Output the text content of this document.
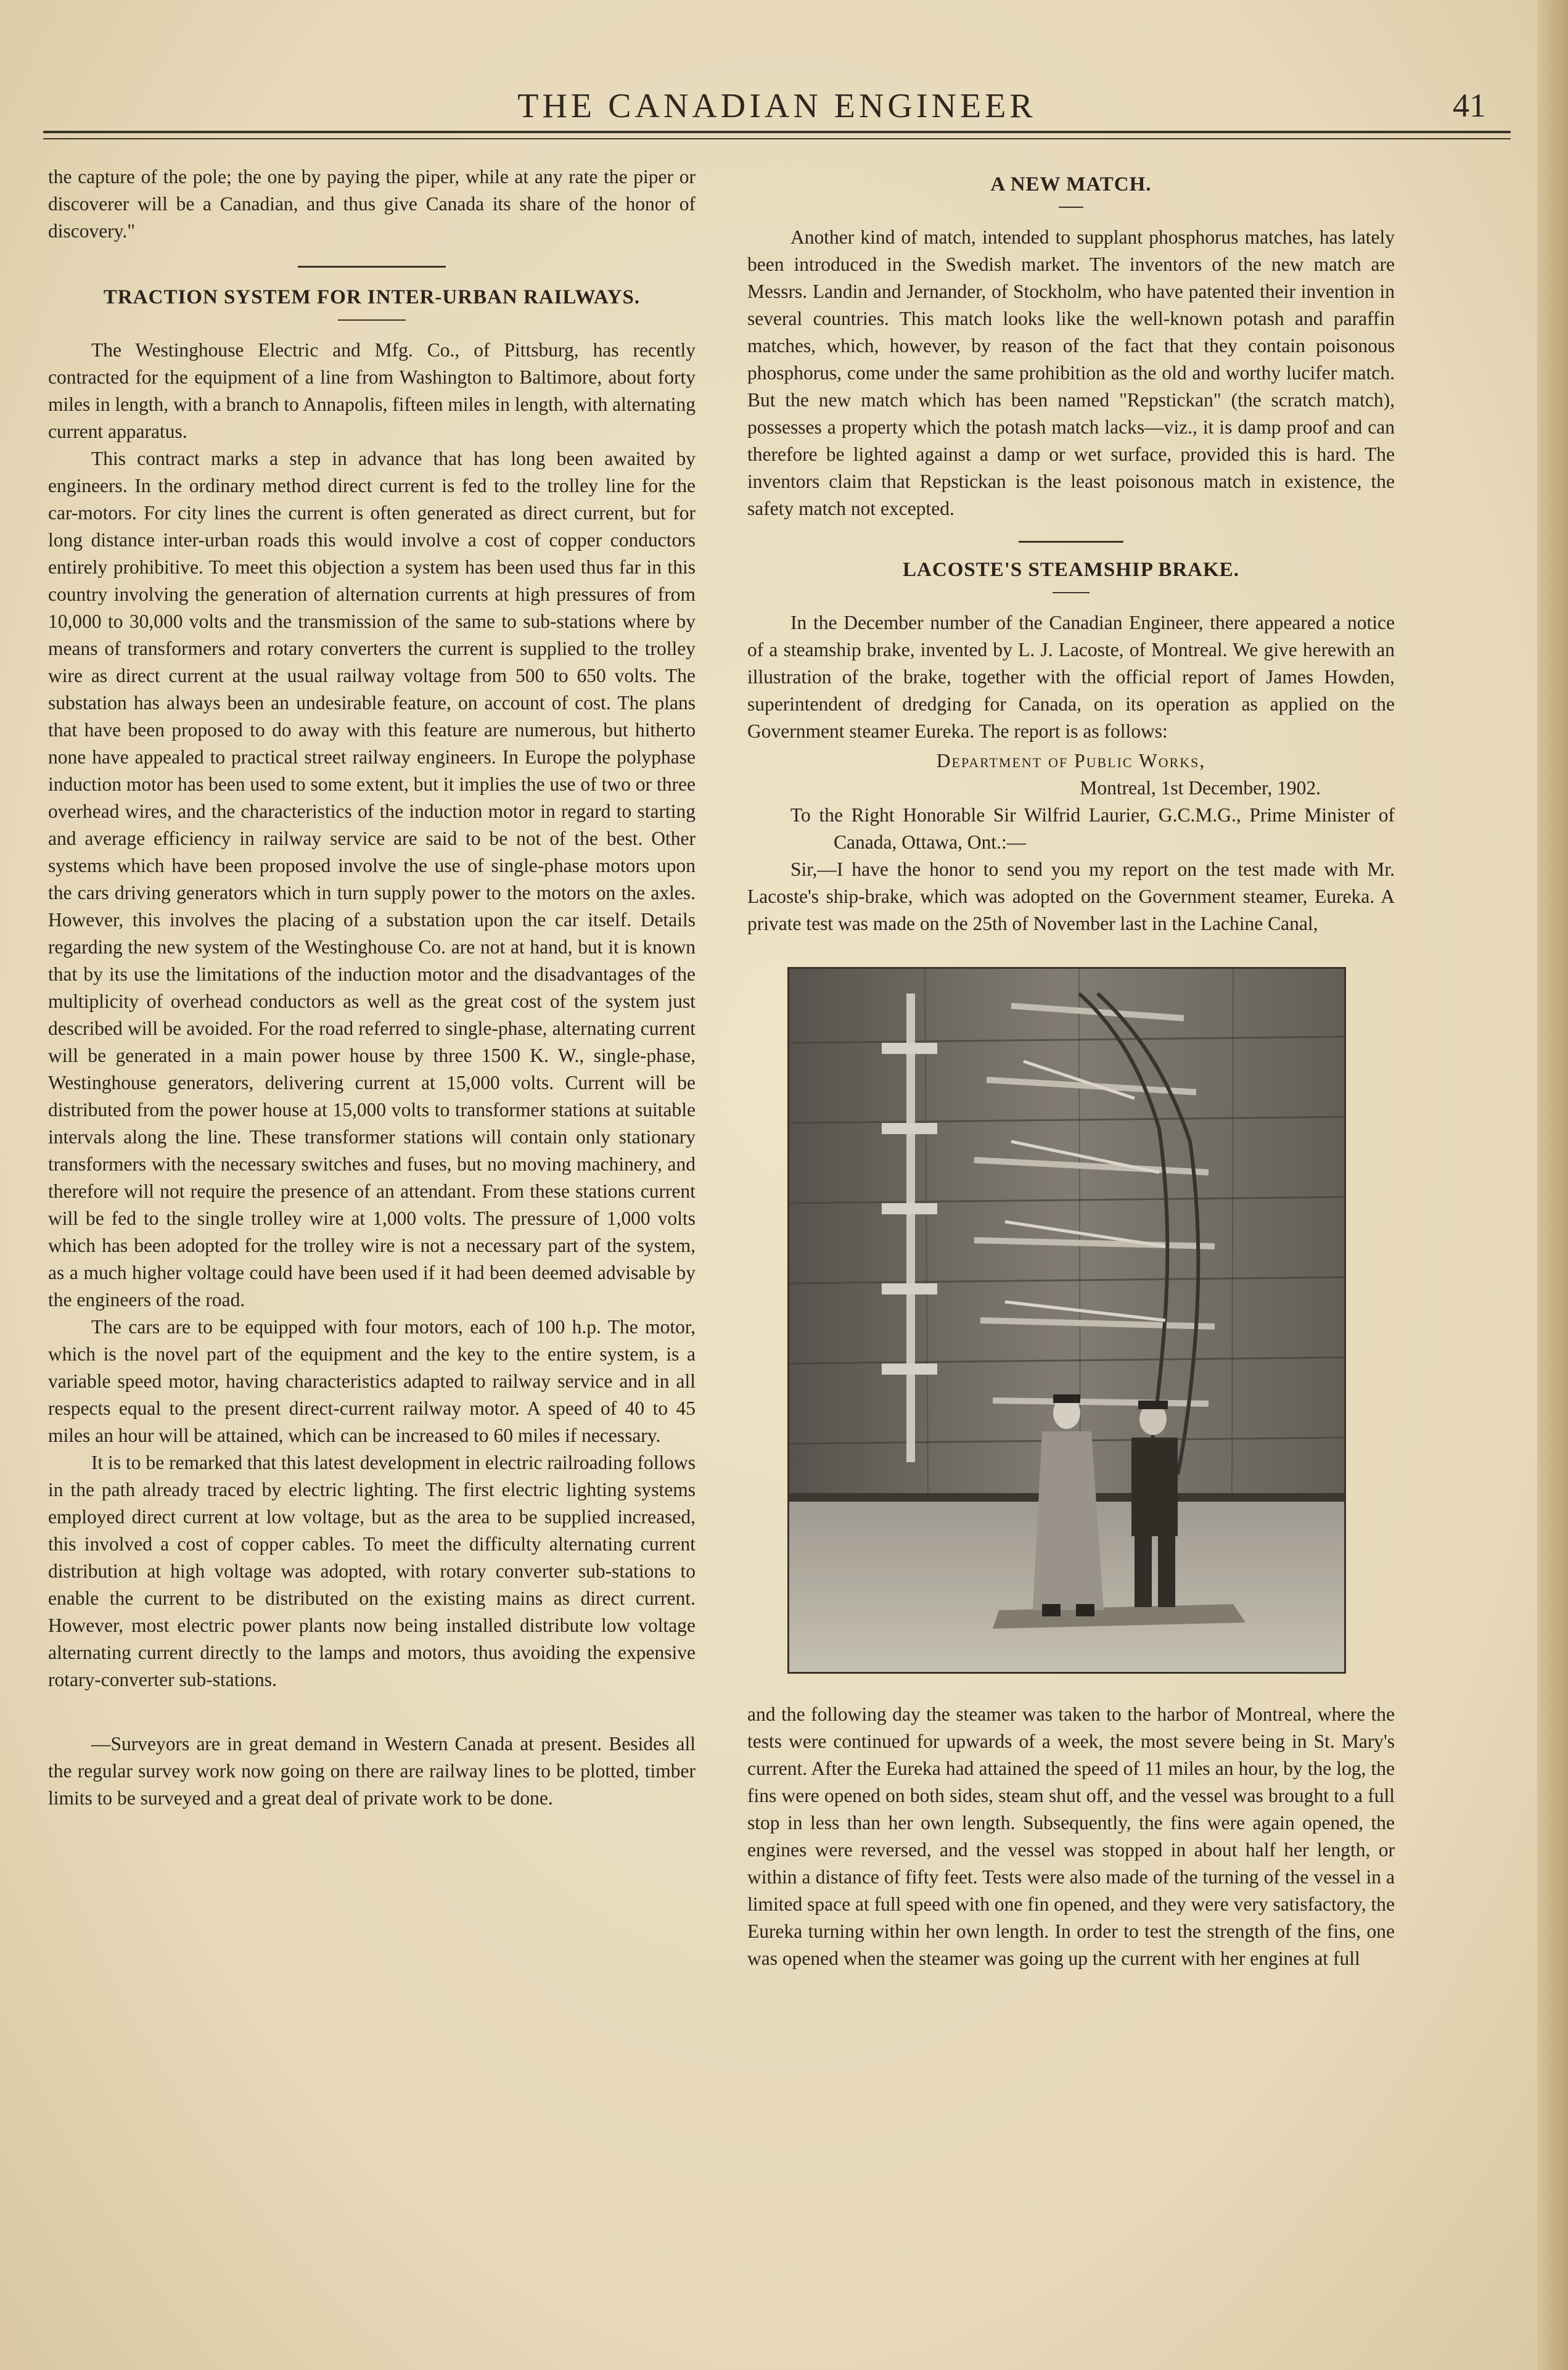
THE CANADIAN ENGINEER	41

the capture of the pole; the one by paying the piper, while at any rate the piper or discoverer will be a Canadian, and thus give Canada its share of the honor of discovery."

TRACTION SYSTEM FOR INTER-URBAN RAILWAYS.

The Westinghouse Electric and Mfg. Co., of Pittsburg, has recently contracted for the equipment of a line from Washington to Baltimore, about forty miles in length, with a branch to Annapolis, fifteen miles in length, with alternating current apparatus.

This contract marks a step in advance that has long been awaited by engineers. In the ordinary method direct current is fed to the trolley line for the car-motors. For city lines the current is often generated as direct current, but for long distance inter-urban roads this would involve a cost of copper conductors entirely prohibitive. To meet this objection a system has been used thus far in this country involving the generation of alternation currents at high pressures of from 10,000 to 30,000 volts and the transmission of the same to sub-stations where by means of transformers and rotary converters the current is supplied to the trolley wire as direct current at the usual railway voltage from 500 to 650 volts. The substation has always been an undesirable feature, on account of cost. The plans that have been proposed to do away with this feature are numerous, but hitherto none have appealed to practical street railway engineers. In Europe the polyphase induction motor has been used to some extent, but it implies the use of two or three overhead wires, and the characteristics of the induction motor in regard to starting and average efficiency in railway service are said to be not of the best. Other systems which have been proposed involve the use of single-phase motors upon the cars driving generators which in turn supply power to the motors on the axles. However, this involves the placing of a substation upon the car itself. Details regarding the new system of the Westinghouse Co. are not at hand, but it is known that by its use the limitations of the induction motor and the disadvantages of the multiplicity of overhead conductors as well as the great cost of the system just described will be avoided. For the road referred to single-phase, alternating current will be generated in a main power house by three 1500 K. W., single-phase, Westinghouse generators, delivering current at 15,000 volts. Current will be distributed from the power house at 15,000 volts to transformer stations at suitable intervals along the line. These transformer stations will contain only stationary transformers with the necessary switches and fuses, but no moving machinery, and therefore will not require the presence of an attendant. From these stations current will be fed to the single trolley wire at 1,000 volts. The pressure of 1,000 volts which has been adopted for the trolley wire is not a necessary part of the system, as a much higher voltage could have been used if it had been deemed advisable by the engineers of the road.

The cars are to be equipped with four motors, each of 100 h.p. The motor, which is the novel part of the equipment and the key to the entire system, is a variable speed motor, having characteristics adapted to railway service and in all respects equal to the present direct-current railway motor. A speed of 40 to 45 miles an hour will be attained, which can be increased to 60 miles if necessary.

It is to be remarked that this latest development in electric railroading follows in the path already traced by electric lighting. The first electric lighting systems employed direct current at low voltage, but as the area to be supplied increased, this involved a cost of copper cables. To meet the difficulty alternating current distribution at high voltage was adopted, with rotary converter sub-stations to enable the current to be distributed on the existing mains as direct current. However, most electric power plants now being installed distribute low voltage alternating current directly to the lamps and motors, thus avoiding the expensive rotary-converter sub-stations.

—Surveyors are in great demand in Western Canada at present. Besides all the regular survey work now going on there are railway lines to be plotted, timber limits to be surveyed and a great deal of private work to be done.

A NEW MATCH.

Another kind of match, intended to supplant phosphorus matches, has lately been introduced in the Swedish market. The inventors of the new match are Messrs. Landin and Jernander, of Stockholm, who have patented their invention in several countries. This match looks like the well-known potash and paraffin matches, which, however, by reason of the fact that they contain poisonous phosphorus, come under the same prohibition as the old and worthy lucifer match. But the new match which has been named "Repstickan" (the scratch match), possesses a property which the potash match lacks—viz., it is damp proof and can therefore be lighted against a damp or wet surface, provided this is hard. The inventors claim that Repstickan is the least poisonous match in existence, the safety match not excepted.

LACOSTE'S STEAMSHIP BRAKE.

In the December number of the Canadian Engineer, there appeared a notice of a steamship brake, invented by L. J. Lacoste, of Montreal. We give herewith an illustration of the brake, together with the official report of James Howden, superintendent of dredging for Canada, on its operation as applied on the Government steamer Eureka. The report is as follows:

Department of Public Works,

Montreal, 1st December, 1902.

To the Right Honorable Sir Wilfrid Laurier, G.C.M.G., Prime Minister of Canada, Ottawa, Ont.:—

Sir,—I have the honor to send you my report on the test made with Mr. Lacoste's ship-brake, which was adopted on the Government steamer, Eureka. A private test was made on the 25th of November last in the Lachine Canal,

and the following day the steamer was taken to the harbor of Montreal, where the tests were continued for upwards of a week, the most severe being in St. Mary's current. After the Eureka had attained the speed of 11 miles an hour, by the log, the fins were opened on both sides, steam shut off, and the vessel was brought to a full stop in less than her own length. Subsequently, the fins were again opened, the engines were reversed, and the vessel was stopped in about half her length, or within a distance of fifty feet. Tests were also made of the turning of the vessel in a limited space at full speed with one fin opened, and they were very satisfactory, the Eureka turning within her own length. In order to test the strength of the fins, one was opened when the steamer was going up the current with her engines at full
